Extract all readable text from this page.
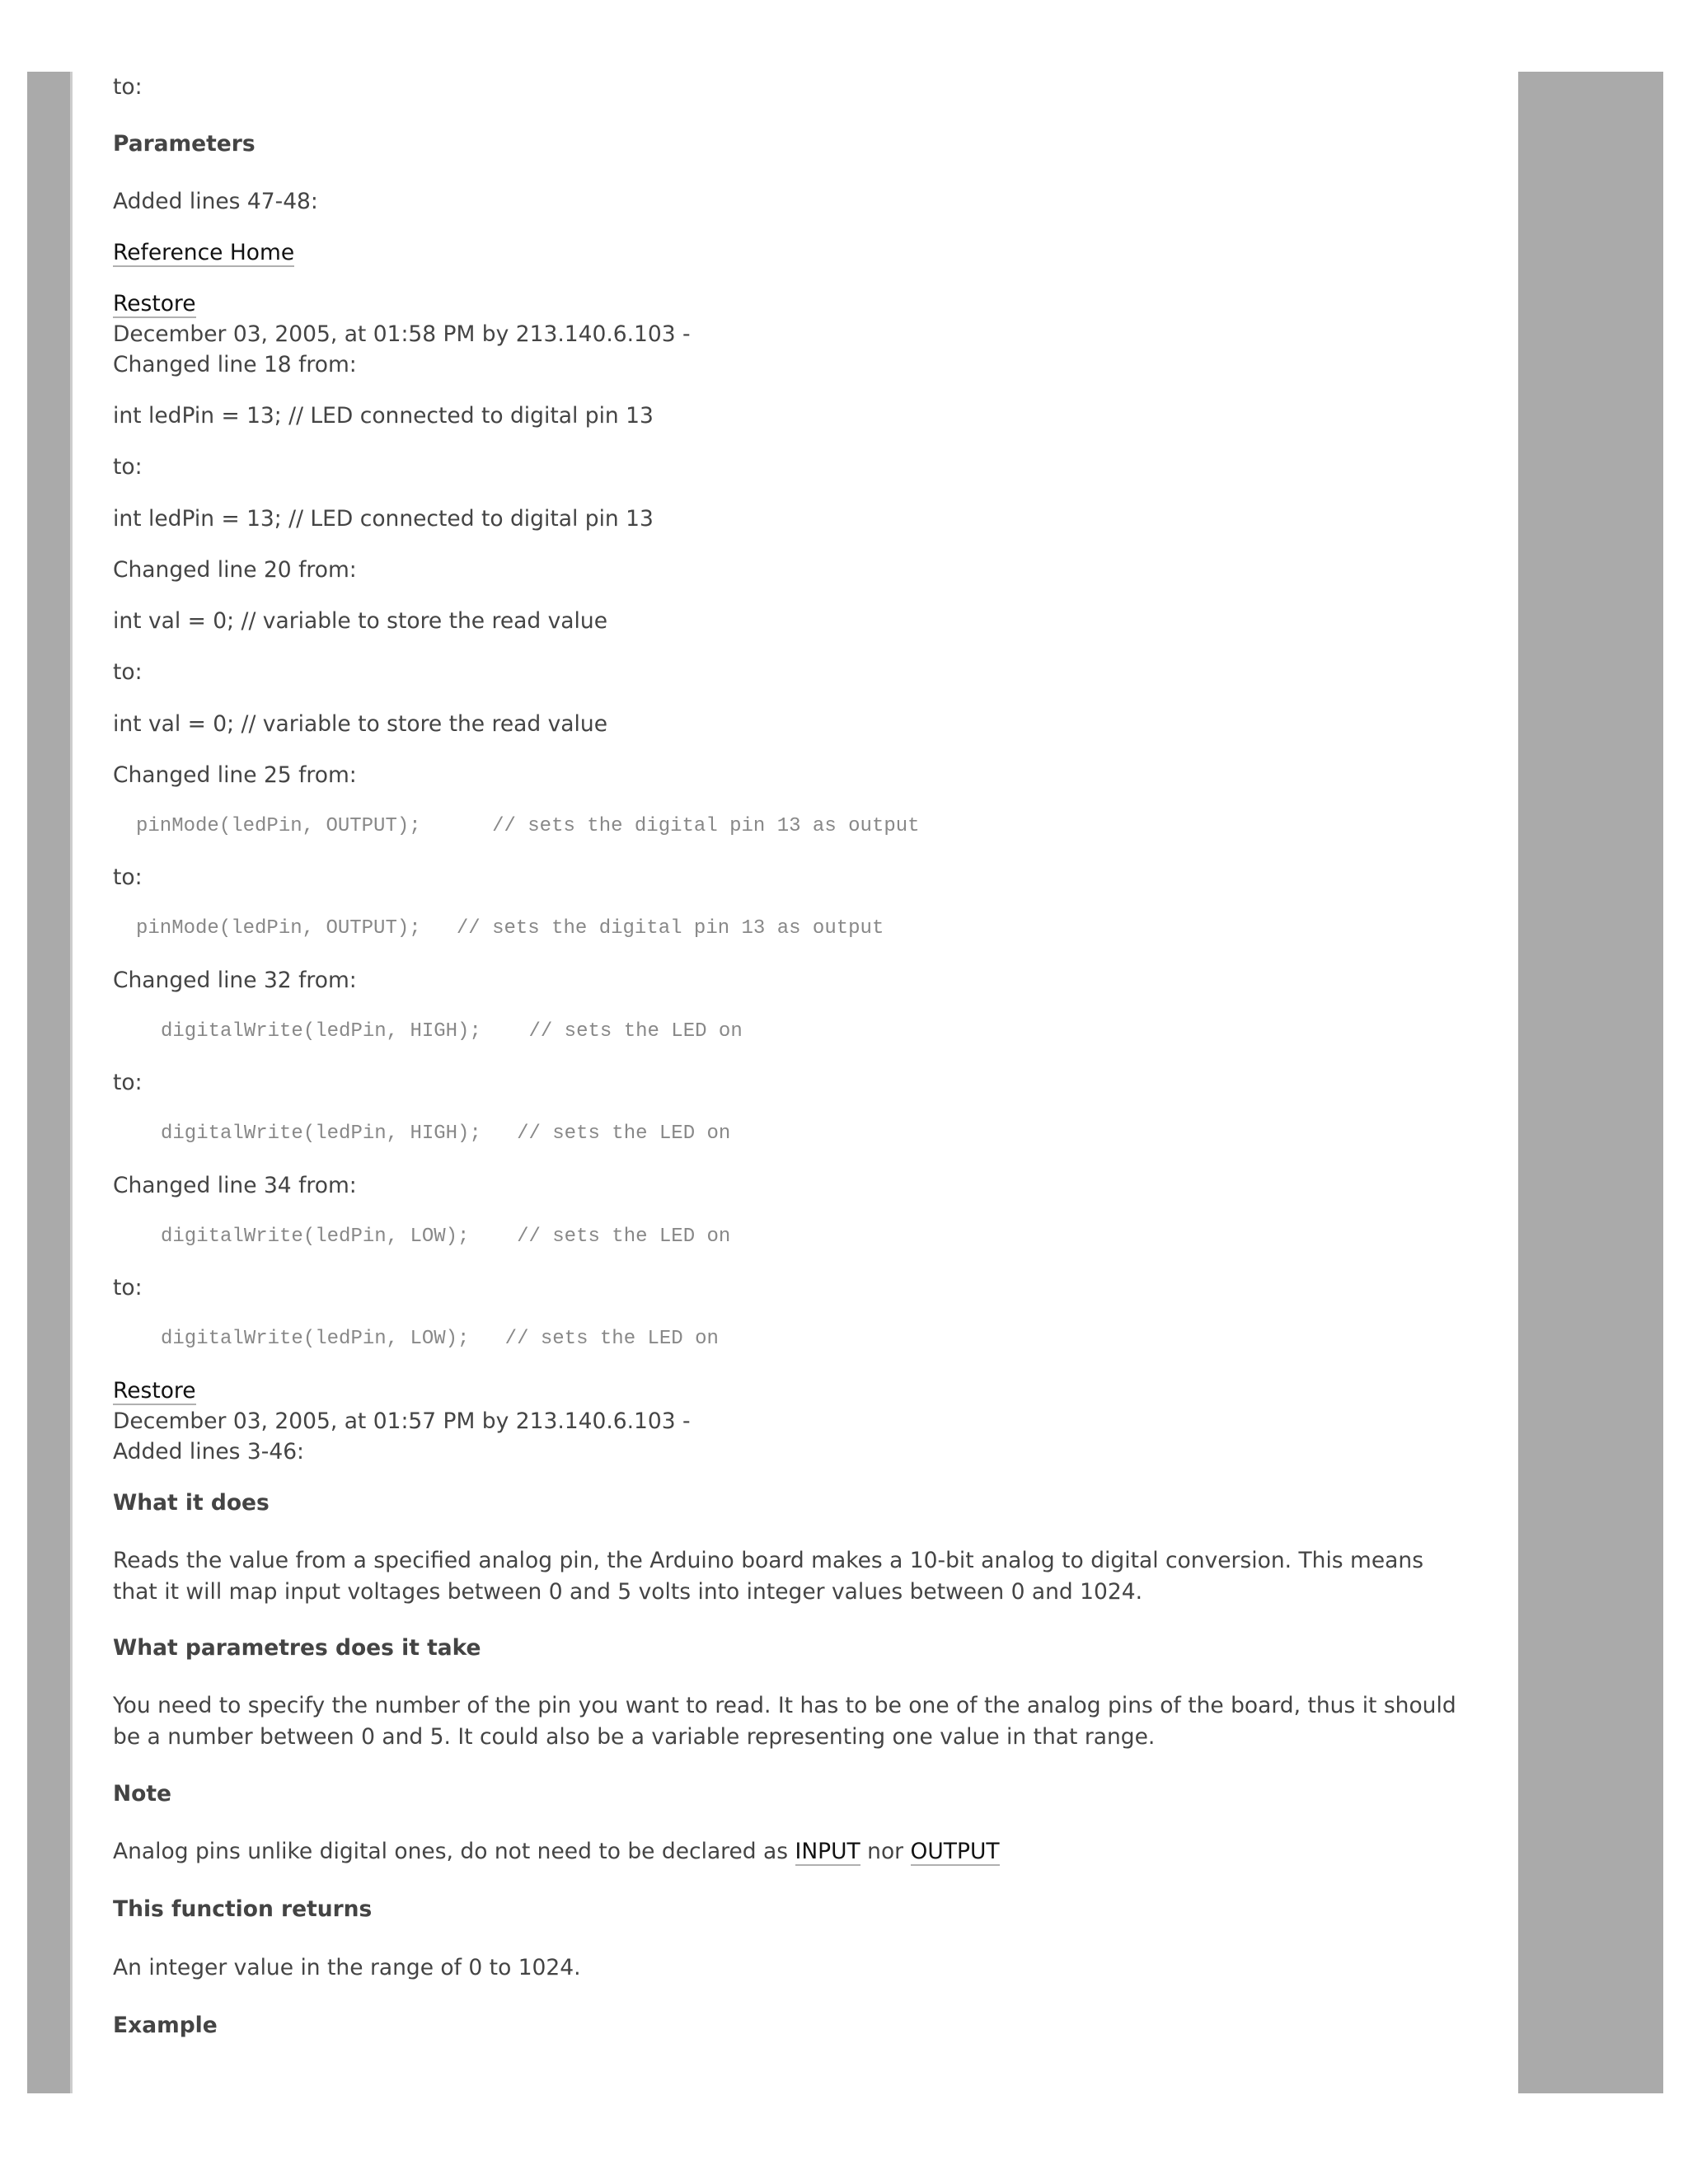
to:
Parameters
Added lines 47-48:
Reference Home
Restore
December 03, 2005, at 01:58 PM by 213.140.6.103 -
Changed line 18 from:
int ledPin = 13; // LED connected to digital pin 13
to:
int ledPin = 13; // LED connected to digital pin 13
Changed line 20 from:
int val = 0; // variable to store the read value
to:
int val = 0; // variable to store the read value
Changed line 25 from:
pinMode(ledPin, OUTPUT);      // sets the digital pin 13 as output
to:
pinMode(ledPin, OUTPUT);   // sets the digital pin 13 as output
Changed line 32 from:
digitalWrite(ledPin, HIGH);    // sets the LED on
to:
digitalWrite(ledPin, HIGH);   // sets the LED on
Changed line 34 from:
digitalWrite(ledPin, LOW);    // sets the LED on
to:
digitalWrite(ledPin, LOW);   // sets the LED on
Restore
December 03, 2005, at 01:57 PM by 213.140.6.103 -
Added lines 3-46:
What it does
Reads the value from a specified analog pin, the Arduino board makes a 10-bit analog to digital conversion. This means that it will map input voltages between 0 and 5 volts into integer values between 0 and 1024.
What parametres does it take
You need to specify the number of the pin you want to read. It has to be one of the analog pins of the board, thus it should be a number between 0 and 5. It could also be a variable representing one value in that range.
Note
Analog pins unlike digital ones, do not need to be declared as INPUT nor OUTPUT
This function returns
An integer value in the range of 0 to 1024.
Example
